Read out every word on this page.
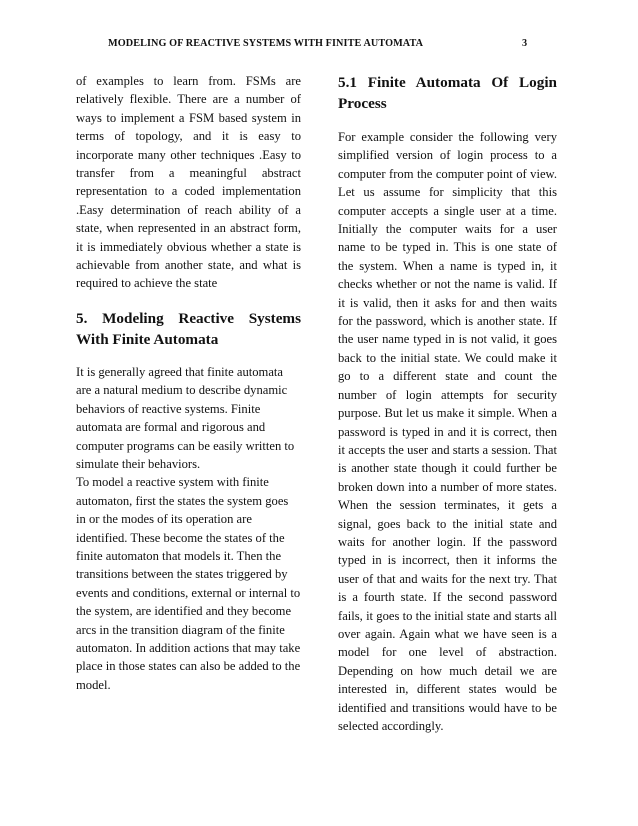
MODELING OF REACTIVE SYSTEMS WITH FINITE AUTOMATA	3

of examples to learn from. FSMs are relatively flexible. There are a number of ways to implement a FSM based system in terms of topology, and it is easy to incorporate many other techniques .Easy to transfer from a meaningful abstract representation to a coded implementation .Easy determination of reach ability of a state, when represented in an abstract form, it is immediately obvious whether a state is achievable from another state, and what is required to achieve the state

5. Modeling Reactive Systems With Finite Automata

It is generally agreed that finite automata are a natural medium to describe dynamic behaviors of reactive systems. Finite automata are formal and rigorous and computer programs can be easily written to simulate their behaviors.

To model a reactive system with finite automaton, first the states the system goes in or the modes of its operation are identified. These become the states of the finite automaton that models it. Then the transitions between the states triggered by events and conditions, external or internal to the system, are identified and they become arcs in the transition diagram of the finite automaton. In addition actions that may take place in those states can also be added to the model.

5.1 Finite Automata Of Login Process

For example consider the following very simplified version of login process to a computer from the computer point of view. Let us assume for simplicity that this computer accepts a single user at a time. Initially the computer waits for a user name to be typed in. This is one state of the system. When a name is typed in, it checks whether or not the name is valid. If it is valid, then it asks for and then waits for the password, which is another state. If the user name typed in is not valid, it goes back to the initial state. We could make it go to a different state and count the number of login attempts for security purpose. But let us make it simple. When a password is typed in and it is correct, then it accepts the user and starts a session. That is another state though it could further be broken down into a number of more states. When the session terminates, it gets a signal, goes back to the initial state and waits for another login. If the password typed in is incorrect, then it informs the user of that and waits for the next try. That is a fourth state. If the second password fails, it goes to the initial state and starts all over again. Again what we have seen is a model for one level of abstraction. Depending on how much detail we are interested in, different states would be identified and transitions would have to be selected accordingly.
